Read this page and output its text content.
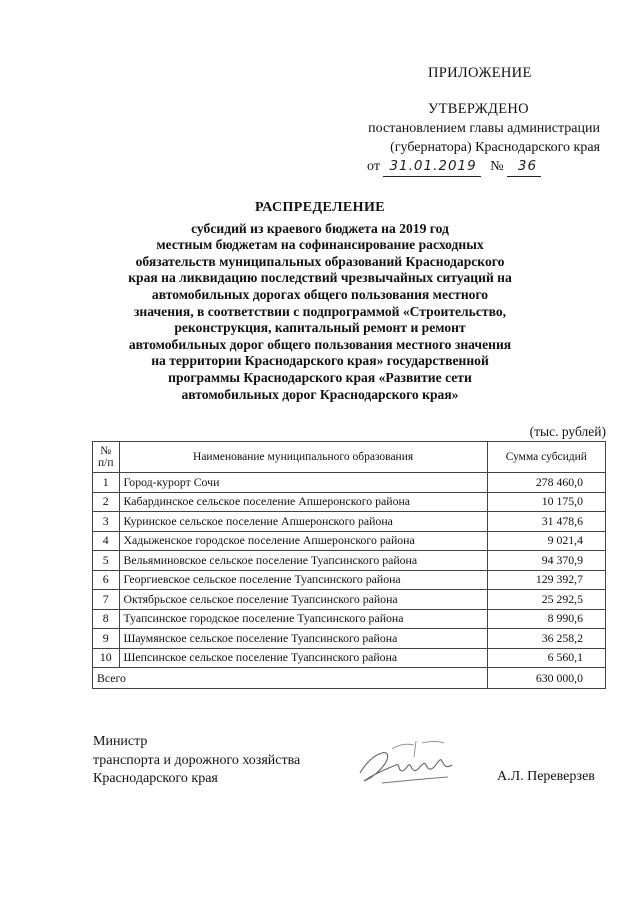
ПРИЛОЖЕНИЕ
УТВЕРЖДЕНО
постановлением главы администрации
(губернатора) Краснодарского края
от 31.01.2019 № 36
РАСПРЕДЕЛЕНИЕ
субсидий из краевого бюджета на 2019 год
местным бюджетам на софинансирование расходных
обязательств муниципальных образований Краснодарского
края на ликвидацию последствий чрезвычайных ситуаций на
автомобильных дорогах общего пользования местного
значения, в соответствии с подпрограммой «Строительство,
реконструкция, капитальный ремонт и ремонт
автомобильных дорог общего пользования местного значения
на территории Краснодарского края» государственной
программы Краснодарского края «Развитие сети
автомобильных дорог Краснодарского края»
(тыс. рублей)
№
п/п	Наименование муниципального образования	Сумма субсидий
1	Город-курорт Сочи	278 460,0
2	Кабардинское сельское поселение Апшеронского района	10 175,0
3	Куринское сельское поселение Апшеронского района	31 478,6
4	Хадыженское городское поселение Апшеронского района	9 021,4
5	Вельяминовское сельское поселение Туапсинского района	94 370,9
6	Георгиевское сельское поселение Туапсинского района	129 392,7
7	Октябрьское сельское поселение Туапсинского района	25 292,5
8	Туапсинское городское поселение Туапсинского района	8 990,6
9	Шаумянское сельское поселение Туапсинского района	36 258,2
10	Шепсинское сельское поселение Туапсинского района	6 560,1
Всего		630 000,0
Министр
транспорта и дорожного хозяйства
Краснодарского края	А.Л. Переверзев
